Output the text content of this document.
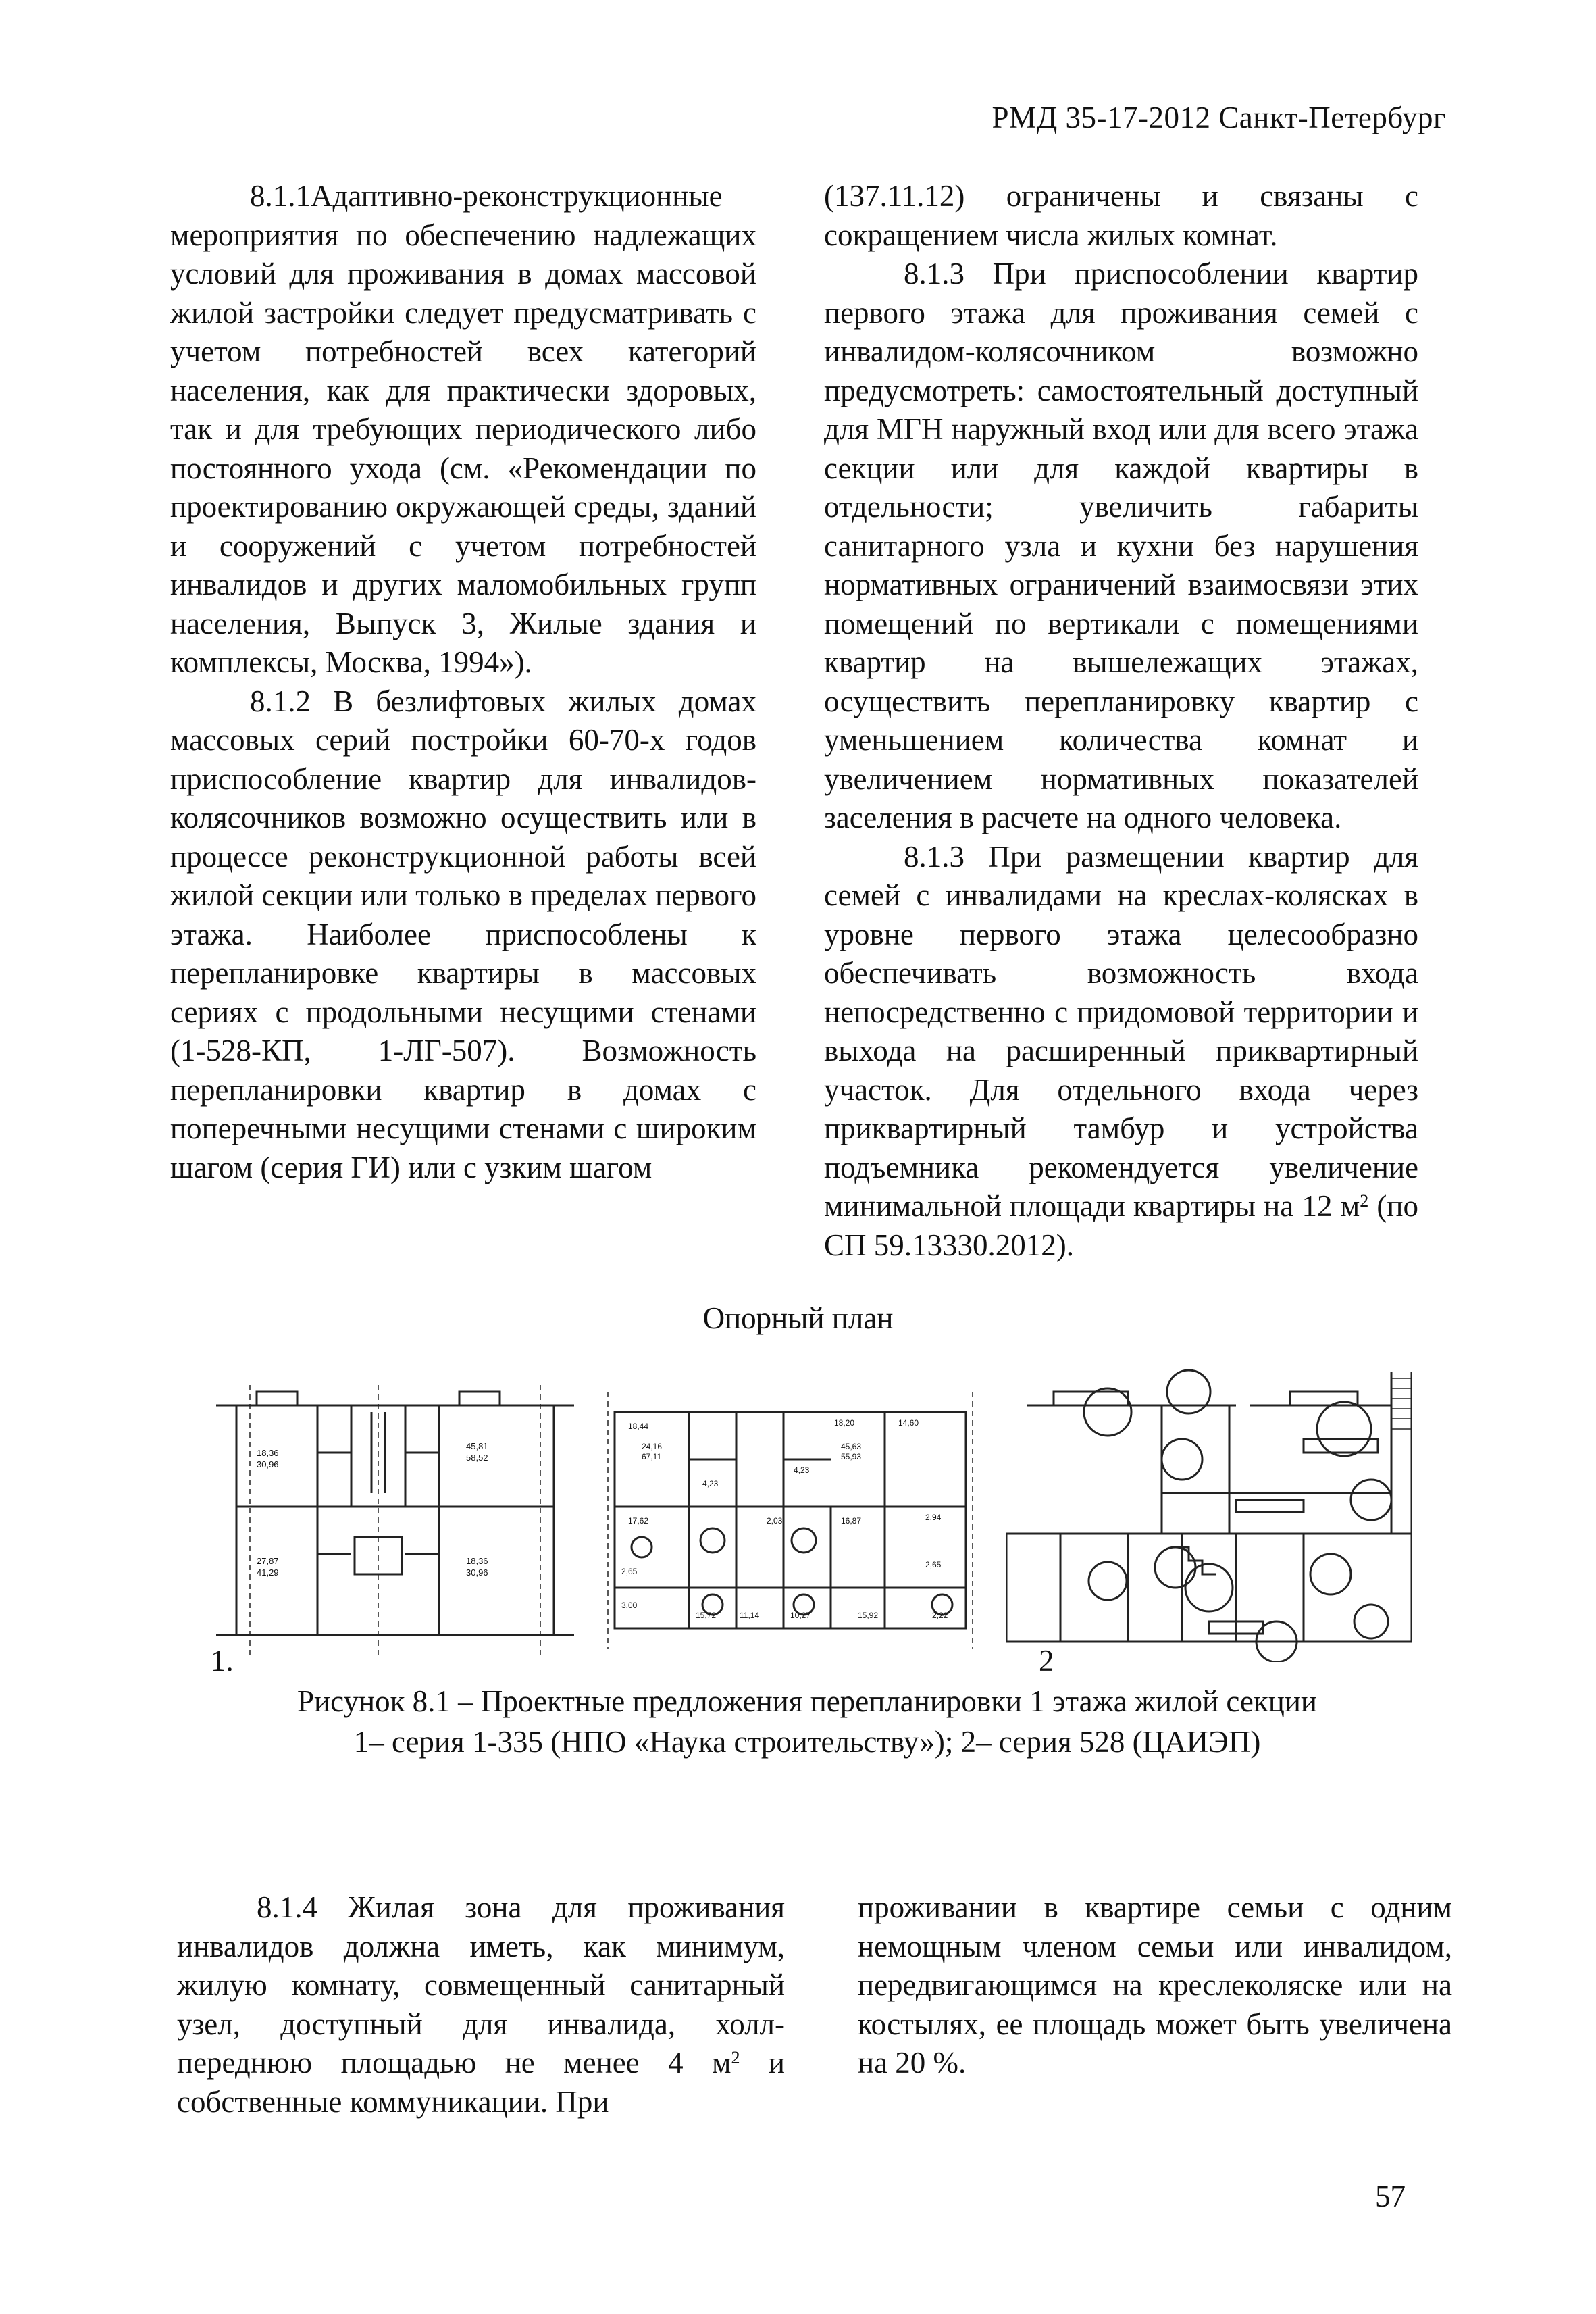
РМД 35-17-2012 Санкт-Петербург

8.1.1Адаптивно-реконструкционные мероприятия по обеспечению надлежащих условий для проживания в домах массовой жилой застройки следует предусматривать с учетом потребностей всех категорий населения, как для практически здоровых, так и для требующих периодического либо постоянного ухода (см. «Рекомендации по проектированию окружающей среды, зданий и сооружений с учетом потребностей инвалидов и других маломобильных групп населения, Выпуск 3, Жилые здания и комплексы, Москва, 1994»).

8.1.2 В безлифтовых жилых домах массовых серий постройки 60-70-х годов приспособление квартир для инвалидов-колясочников возможно осуществить или в процессе реконструкционной работы всей жилой секции или только в пределах первого этажа. Наиболее приспособлены к перепланировке квартиры в массовых сериях с продольными несущими стенами (1-528-КП, 1-ЛГ-507). Возможность перепланировки квартир в домах с поперечными несущими стенами с широким шагом (серия ГИ) или с узким шагом

(137.11.12) ограничены и связаны с сокращением числа жилых комнат.

8.1.3 При приспособлении квартир первого этажа для проживания семей с инвалидом-колясочником возможно предусмотреть: самостоятельный доступный для МГН наружный вход или для всего этажа секции или для каждой квартиры в отдельности; увеличить габариты санитарного узла и кухни без нарушения нормативных ограничений взаимосвязи этих помещений по вертикали с помещениями квартир на вышележащих этажах, осуществить перепланировку квартир с уменьшением количества комнат и увеличением нормативных показателей заселения в расчете на одного человека.

8.1.3 При размещении квартир для семей с инвалидами на креслах-колясках в уровне первого этажа целесообразно обеспечивать возможность входа непосредственно с придомовой территории и выхода на расширенный приквартирный участок. Для отдельного входа через приквартирный тамбур и устройства подъемника рекомендуется увеличение минимальной площади квартиры на 12 $м^2$ (по СП 59.13330.2012).

Опорный план
18,36
30,96
45,81
58,52
27,87
41,29
18,36
30,96
18,44
24,16
67,11
18,20	14,60
45,63
55,93
4,23
4,23
17,62	2,03	16,87	2,94
2,65
2,65
3,00
15,72	11,14	10,27	15,92	2,22
1.	2
Рисунок 8.1 – Проектные предложения перепланировки 1 этажа жилой секции
1– серия 1-335 (НПО «Наука строительству»); 2– серия 528 (ЦАИЭП)

8.1.4 Жилая зона для проживания инвалидов должна иметь, как минимум, жилую комнату, совмещенный санитарный узел, доступный для инвалида, холл-переднюю площадью не менее 4 $м^2$ и собственные коммуникации. При

проживании в квартире семьи с одним немощным членом семьи или инвалидом, передвигающимся на креслеколяске или на костылях, ее площадь может быть увеличена на 20 %.

57
